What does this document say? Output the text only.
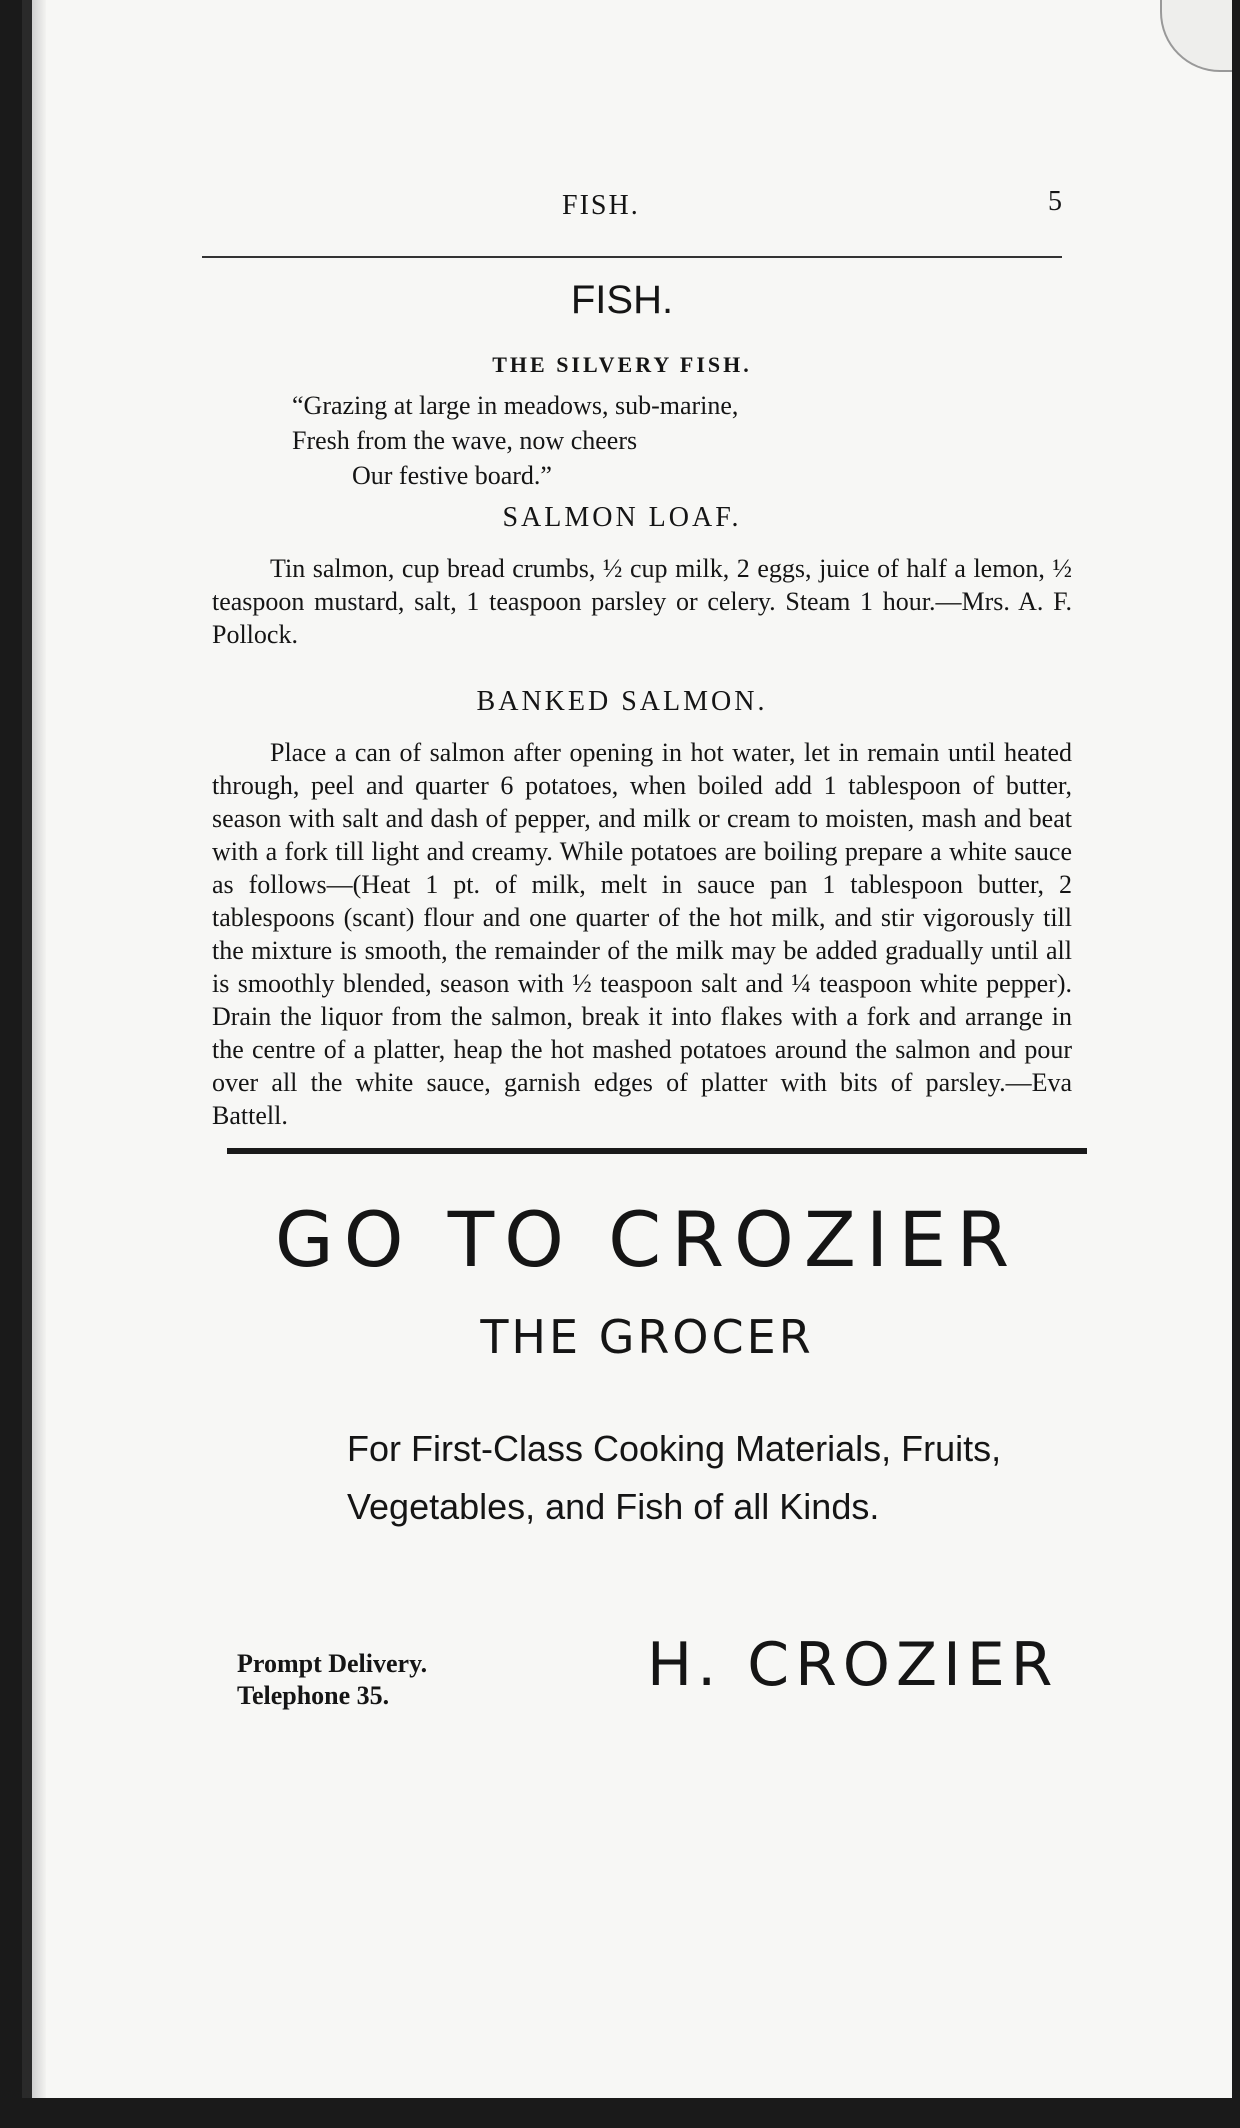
FISH.	5
FISH.
THE SILVERY FISH.
“Grazing at large in meadows, sub-marine,
Fresh from the wave, now cheers
Our festive board.”
SALMON LOAF.
Tin salmon, cup bread crumbs, ½ cup milk, 2 eggs, juice of half a lemon, ½ teaspoon mustard, salt, 1 teaspoon parsley or celery. Steam 1 hour.—Mrs. A. F. Pollock.
BANKED SALMON.
Place a can of salmon after opening in hot water, let in remain until heated through, peel and quarter 6 potatoes, when boiled add 1 tablespoon of butter, season with salt and dash of pepper, and milk or cream to moisten, mash and beat with a fork till light and creamy. While potatoes are boiling prepare a white sauce as follows—(Heat 1 pt. of milk, melt in sauce pan 1 tablespoon butter, 2 tablespoons (scant) flour and one quarter of the hot milk, and stir vigorously till the mixture is smooth, the remainder of the milk may be added gradually until all is smoothly blended, season with ½ teaspoon salt and ¼ teaspoon white pepper). Drain the liquor from the salmon, break it into flakes with a fork and arrange in the centre of a platter, heap the hot mashed potatoes around the salmon and pour over all the white sauce, garnish edges of platter with bits of parsley.—Eva Battell.
GO TO CROZIER
THE GROCER
For First-Class Cooking Materials, Fruits, Vegetables, and Fish of all Kinds.
Prompt Delivery.
Telephone 35.	H. CROZIER
